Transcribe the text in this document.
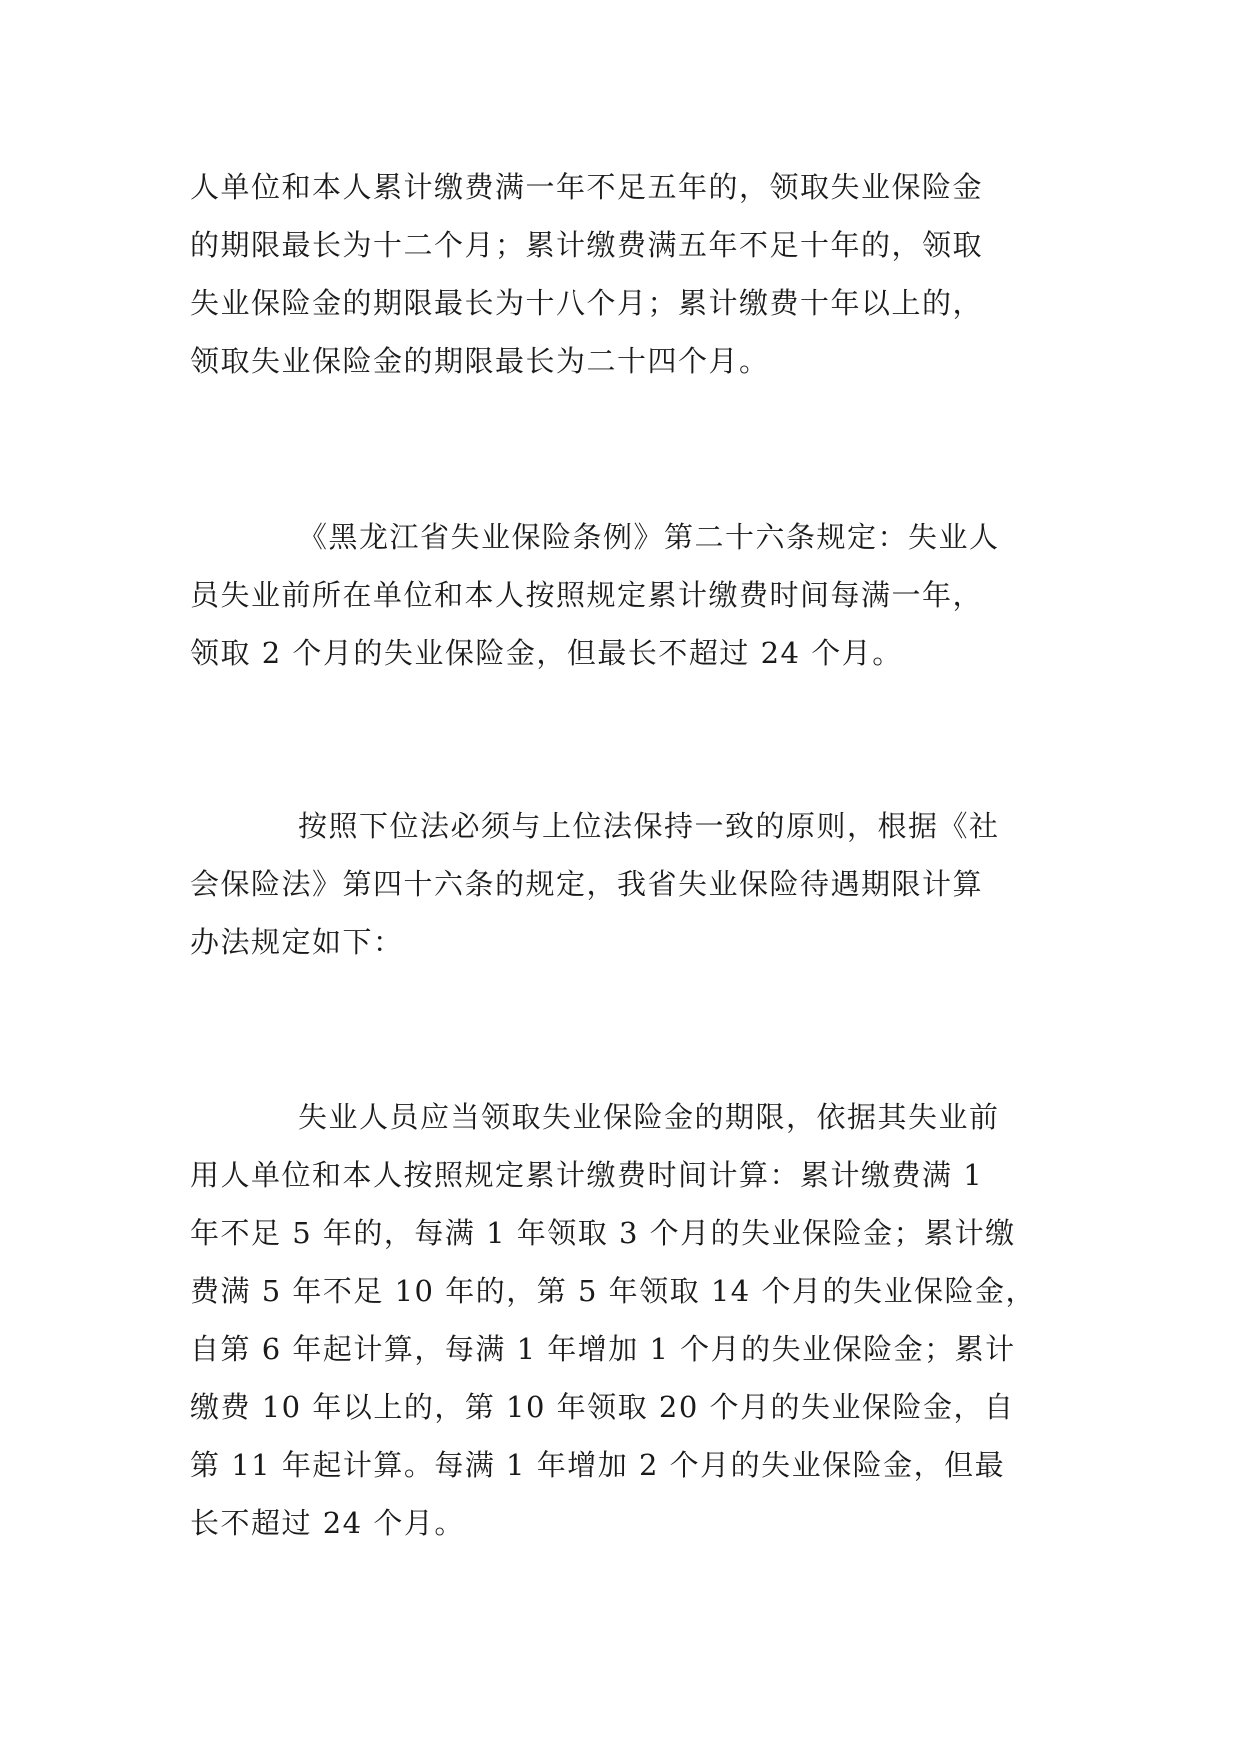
人单位和本人累计缴费满一年不足五年的，领取失业保险金
的期限最长为十二个月；累计缴费满五年不足十年的，领取
失业保险金的期限最长为十八个月；累计缴费十年以上的，
领取失业保险金的期限最长为二十四个月。
《黑龙江省失业保险条例》第二十六条规定：失业人
员失业前所在单位和本人按照规定累计缴费时间每满一年，
领取 2 个月的失业保险金，但最长不超过 24 个月。
按照下位法必须与上位法保持一致的原则，根据《社
会保险法》第四十六条的规定，我省失业保险待遇期限计算
办法规定如下：
失业人员应当领取失业保险金的期限，依据其失业前
用人单位和本人按照规定累计缴费时间计算：累计缴费满 1
年不足 5 年的，每满 1 年领取 3 个月的失业保险金；累计缴
费满 5 年不足 10 年的，第 5 年领取 14 个月的失业保险金，
自第 6 年起计算，每满 1 年增加 1 个月的失业保险金；累计
缴费 10 年以上的，第 10 年领取 20 个月的失业保险金，自
第 11 年起计算。每满 1 年增加 2 个月的失业保险金，但最
长不超过 24 个月。
